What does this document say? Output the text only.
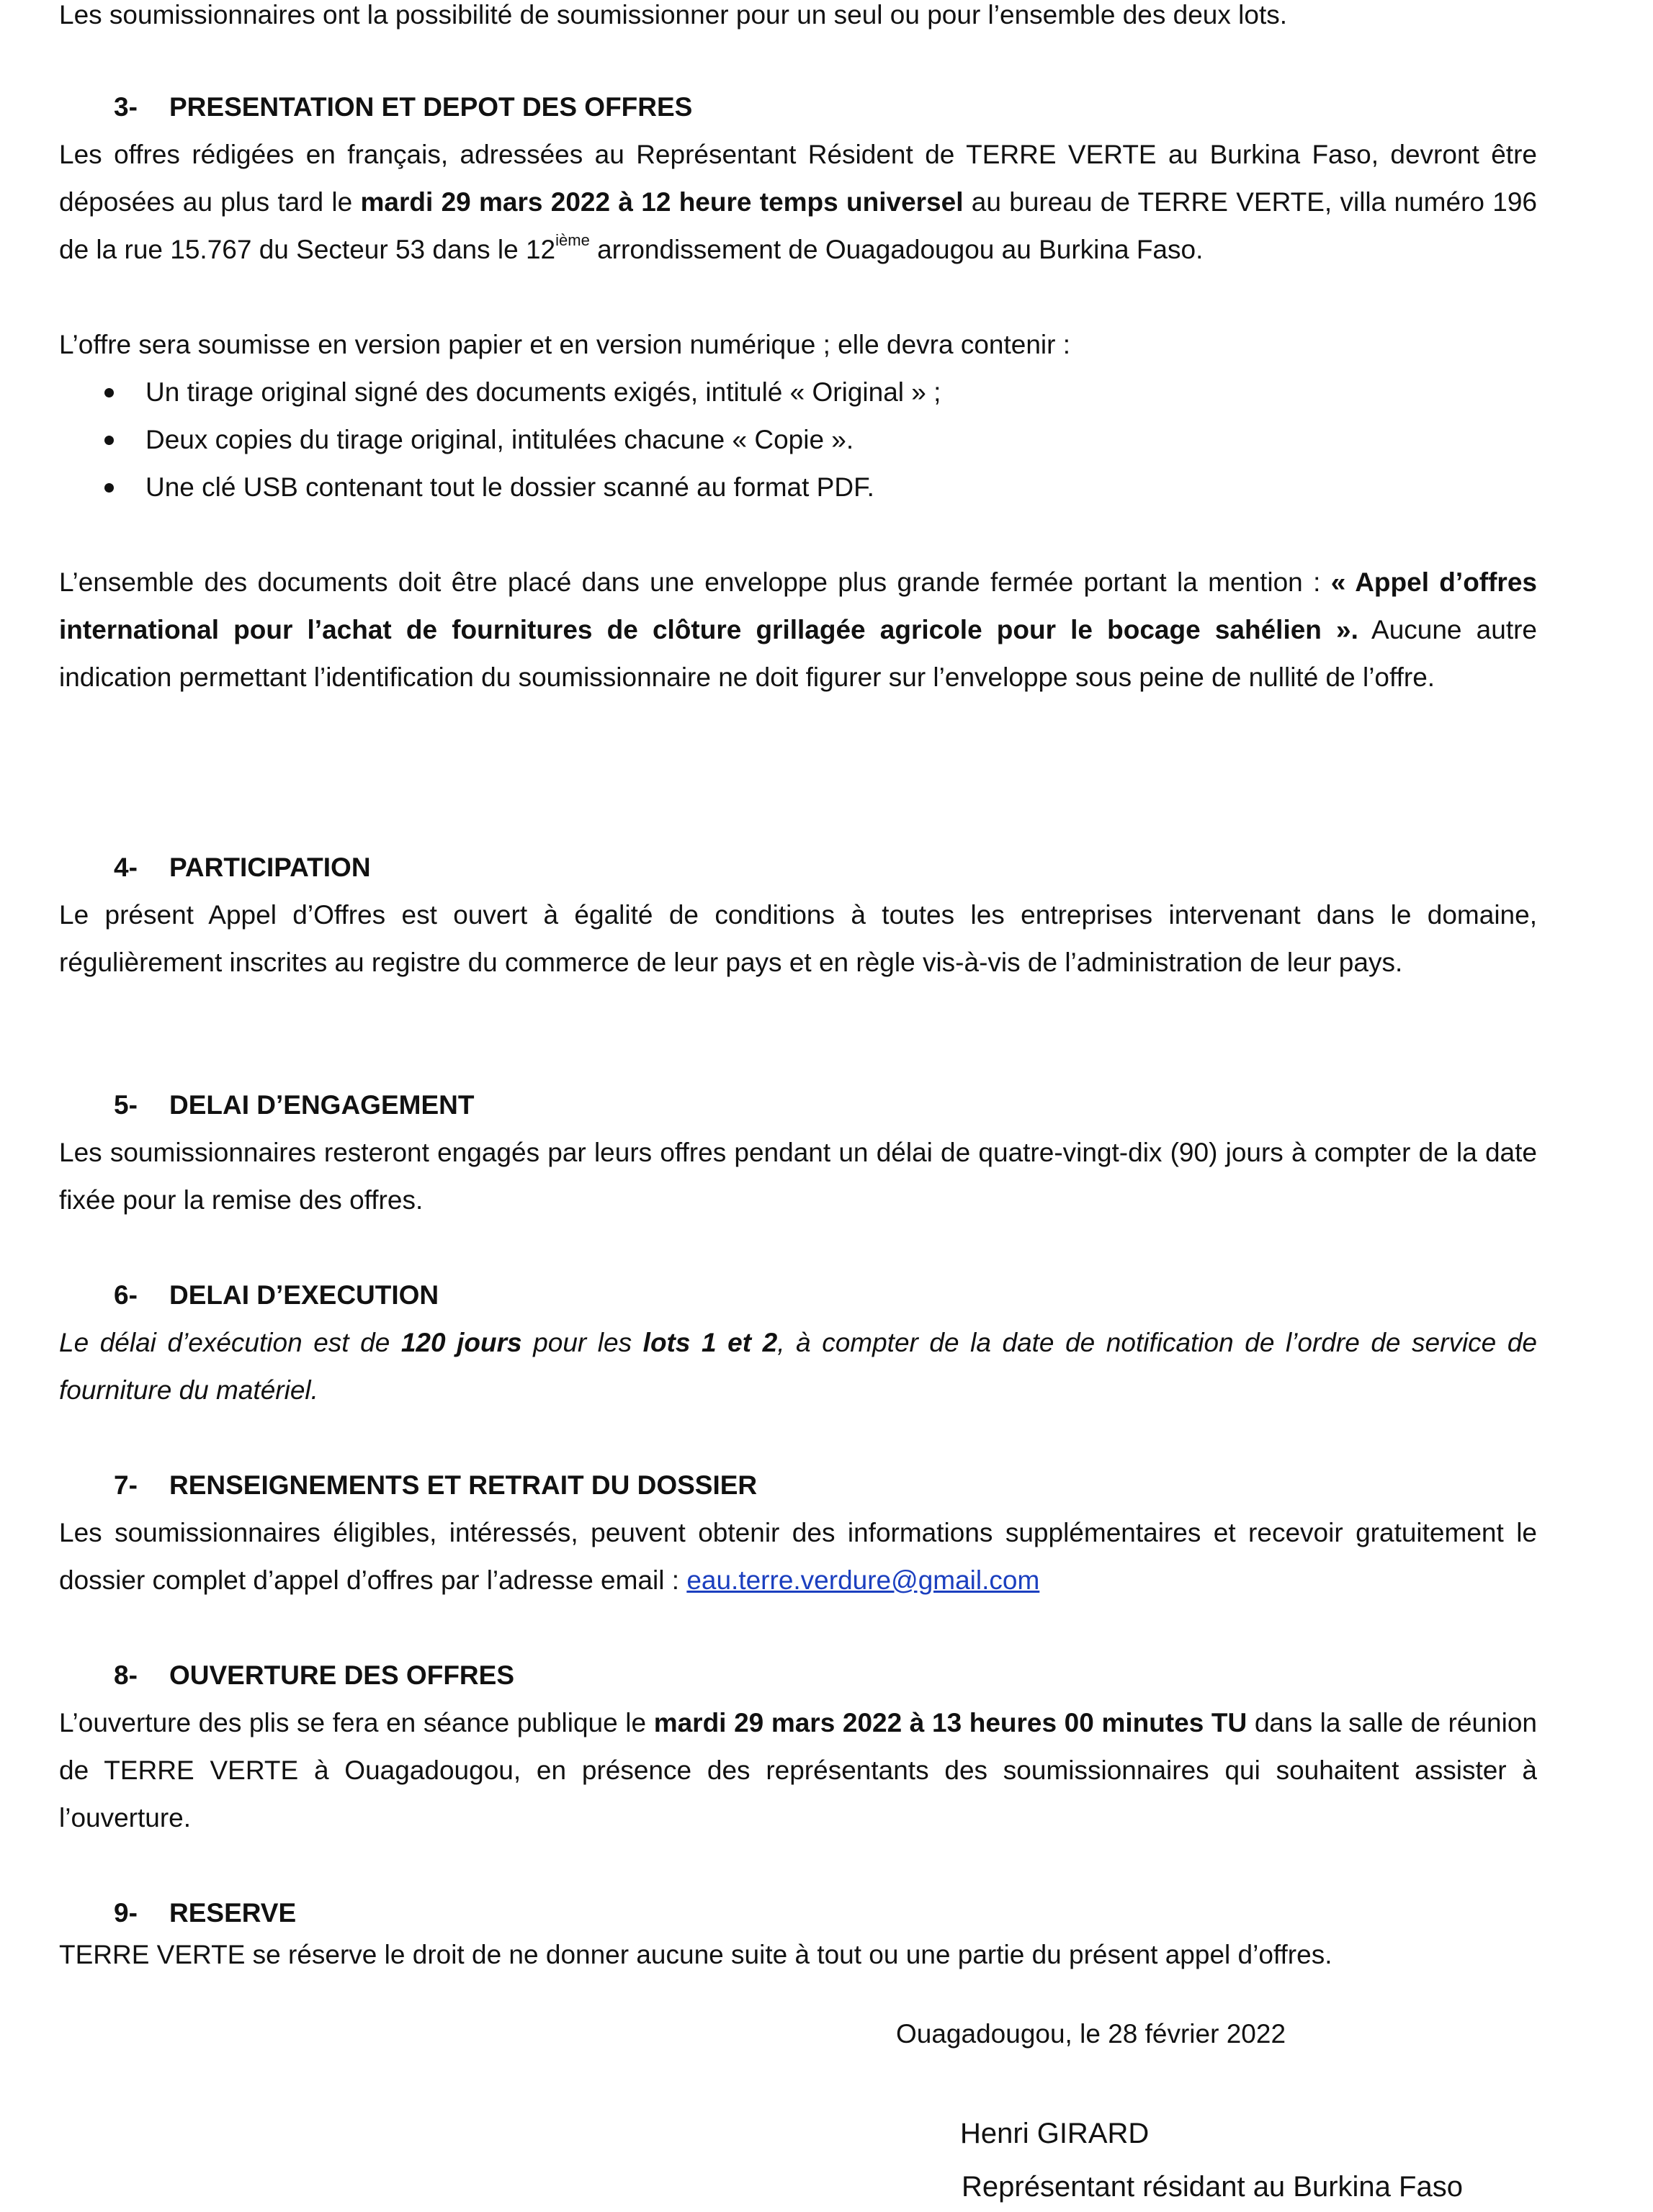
Les soumissionnaires ont la possibilité de soumissionner pour un seul ou pour l’ensemble des deux lots.

3- PRESENTATION ET DEPOT DES OFFRES

Les offres rédigées en français, adressées au Représentant Résident de TERRE VERTE au Burkina Faso, devront être déposées au plus tard le mardi 29 mars 2022 à 12 heure temps universel au bureau de TERRE VERTE, villa numéro 196 de la rue 15.767 du Secteur 53 dans le 12ième arrondissement de Ouagadougou au Burkina Faso.

L’offre sera soumisse en version papier et en version numérique ; elle devra contenir :

Un tirage original signé des documents exigés, intitulé « Original » ;
Deux copies du tirage original, intitulées chacune « Copie ».
Une clé USB contenant tout le dossier scanné au format PDF.

L’ensemble des documents doit être placé dans une enveloppe plus grande fermée portant la mention : « Appel d’offres international pour l’achat de fournitures de clôture grillagée agricole pour le bocage sahélien ». Aucune autre indication permettant l’identification du soumissionnaire ne doit figurer sur l’enveloppe sous peine de nullité de l’offre.

4- PARTICIPATION

Le présent Appel d’Offres est ouvert à égalité de conditions à toutes les entreprises intervenant dans le domaine, régulièrement inscrites au registre du commerce de leur pays et en règle vis-à-vis de l’administration de leur pays.

5- DELAI D’ENGAGEMENT

Les soumissionnaires resteront engagés par leurs offres pendant un délai de quatre-vingt-dix (90) jours à compter de la date fixée pour la remise des offres.

6- DELAI D’EXECUTION

Le délai d’exécution est de 120 jours pour les lots 1 et 2, à compter de la date de notification de l’ordre de service de fourniture du matériel.

7- RENSEIGNEMENTS ET RETRAIT DU DOSSIER

Les soumissionnaires éligibles, intéressés, peuvent obtenir des informations supplémentaires et recevoir gratuitement le dossier complet d’appel d’offres par l’adresse email : eau.terre.verdure@gmail.com

8- OUVERTURE DES OFFRES

L’ouverture des plis se fera en séance publique le mardi 29 mars 2022 à 13 heures 00 minutes TU dans la salle de réunion de TERRE VERTE à Ouagadougou, en présence des représentants des soumissionnaires qui souhaitent assister à l’ouverture.

9- RESERVE

TERRE VERTE se réserve le droit de ne donner aucune suite à tout ou une partie du présent appel d’offres.

Ouagadougou, le 28 février 2022
Henri GIRARD
Représentant résidant au Burkina Faso
